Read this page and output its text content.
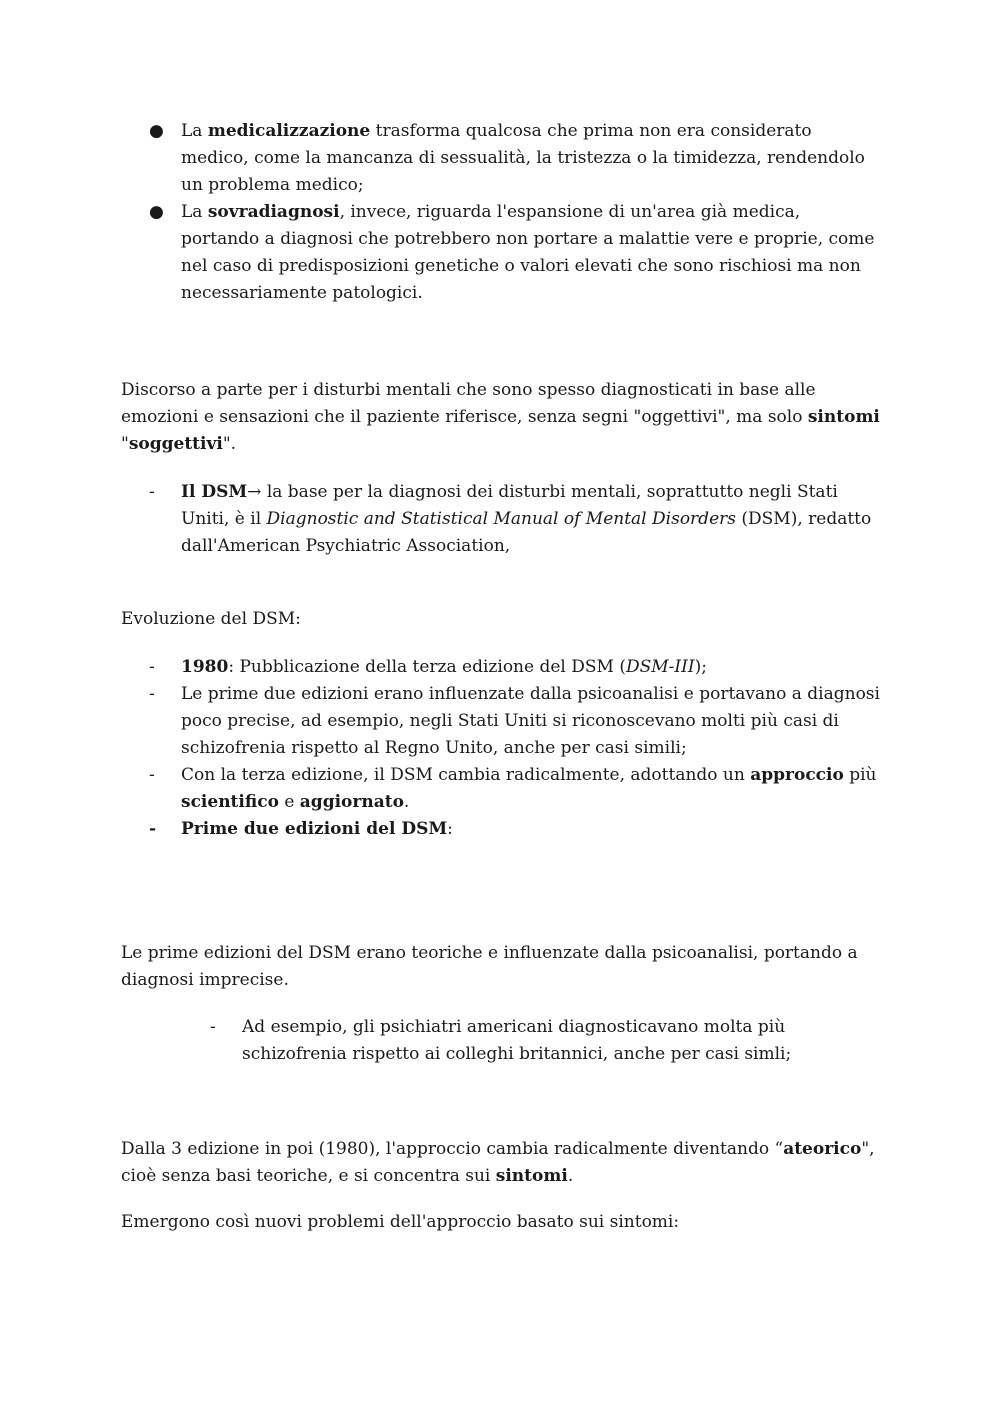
● La medicalizzazione trasforma qualcosa che prima non era considerato medico, come la mancanza di sessualità, la tristezza o la timidezza, rendendolo un problema medico;
● La sovradiagnosi, invece, riguarda l'espansione di un'area già medica, portando a diagnosi che potrebbero non portare a malattie vere e proprie, come nel caso di predisposizioni genetiche o valori elevati che sono rischiosi ma non necessariamente patologici.

Discorso a parte per i disturbi mentali che sono spesso diagnosticati in base alle emozioni e sensazioni che il paziente riferisce, senza segni "oggettivi", ma solo sintomi "soggettivi".

- Il DSM→ la base per la diagnosi dei disturbi mentali, soprattutto negli Stati Uniti, è il Diagnostic and Statistical Manual of Mental Disorders (DSM), redatto dall'American Psychiatric Association,

Evoluzione del DSM:

- 1980: Pubblicazione della terza edizione del DSM (DSM-III);
- Le prime due edizioni erano influenzate dalla psicoanalisi e portavano a diagnosi poco precise, ad esempio, negli Stati Uniti si riconoscevano molti più casi di schizofrenia rispetto al Regno Unito, anche per casi simili;
- Con la terza edizione, il DSM cambia radicalmente, adottando un approccio più scientifico e aggiornato.
- Prime due edizioni del DSM:

Le prime edizioni del DSM erano teoriche e influenzate dalla psicoanalisi, portando a diagnosi imprecise.

- Ad esempio, gli psichiatri americani diagnosticavano molta più schizofrenia rispetto ai colleghi britannici, anche per casi simli;

Dalla 3 edizione in poi (1980), l'approccio cambia radicalmente diventando “ateorico", cioè senza basi teoriche, e si concentra sui sintomi.

Emergono così nuovi problemi dell'approccio basato sui sintomi:
